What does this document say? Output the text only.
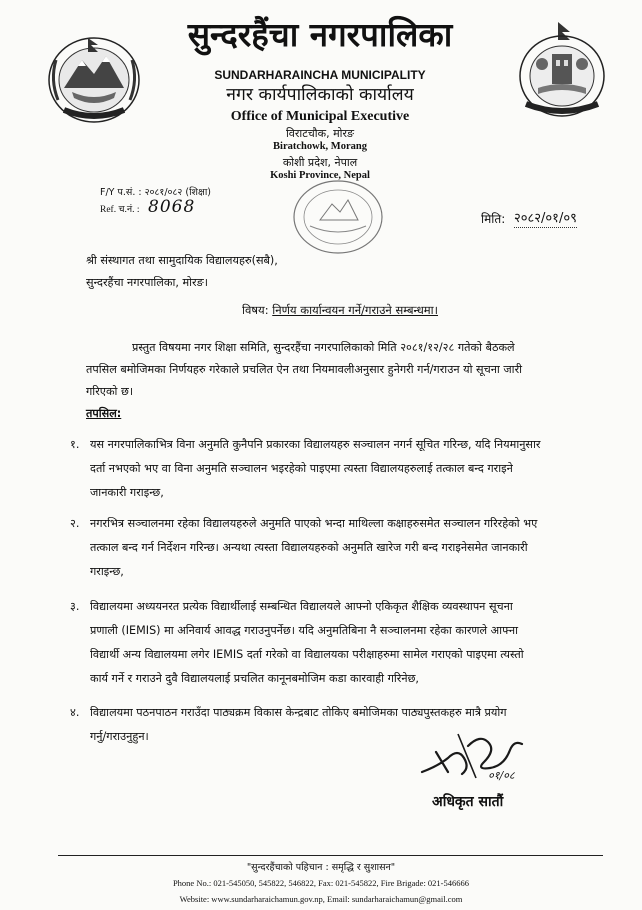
सुन्दरहैंचा नगरपालिका
SUNDARHARAINCHA MUNICIPALITY
नगर कार्यपालिकाको कार्यालय
Office of Municipal Executive
विराटचौक, मोरङ
Biratchowk, Morang
कोशी प्रदेश, नेपाल
Koshi Province, Nepal
F/Y प.सं. : २०८१/०८२ (शिक्षा)
Ref. च.नं. : 8068
मिति: २०८२/०१/०९
श्री संस्थागत तथा सामुदायिक विद्यालयहरु(सबै),
सुन्दरहैंचा नगरपालिका, मोरङ।
विषय: निर्णय कार्यान्वयन गर्ने/गराउने सम्बन्धमा।
प्रस्तुत विषयमा नगर शिक्षा समिति, सुन्दरहैंचा नगरपालिकाको मिति २०८१/१२/२८ गतेको बैठकले
तपसिल बमोजिमका निर्णयहरु गरेकाले प्रचलित ऐन तथा नियमावलीअनुसार हुनेगरी गर्न/गराउन यो सूचना जारी
गरिएको छ।
तपसिल:
१. यस नगरपालिकाभित्र विना अनुमति कुनैपनि प्रकारका विद्यालयहरु सञ्चालन नगर्न सूचित गरिन्छ, यदि नियमानुसार
दर्ता नभएको भए वा विना अनुमति सञ्चालन भइरहेको पाइएमा त्यस्ता विद्यालयहरुलाई तत्काल बन्द गराइने
जानकारी गराइन्छ,
२. नगरभित्र सञ्चालनमा रहेका विद्यालयहरुले अनुमति पाएको भन्दा माथिल्ला कक्षाहरुसमेत सञ्चालन गरिरहेको भए
तत्काल बन्द गर्न निर्देशन गरिन्छ। अन्यथा त्यस्ता विद्यालयहरुको अनुमति खारेज गरी बन्द गराइनेसमेत जानकारी
गराइन्छ,
३. विद्यालयमा अध्ययनरत प्रत्येक विद्यार्थीलाई सम्बन्धित विद्यालयले आफ्नो एकिकृत शैक्षिक व्यवस्थापन सूचना
प्रणाली (IEMIS) मा अनिवार्य आवद्ध गराउनुपर्नेछ। यदि अनुमतिबिना नै सञ्चालनमा रहेका कारणले आफ्ना
विद्यार्थी अन्य विद्यालयमा लगेर IEMIS दर्ता गरेको वा विद्यालयका परीक्षाहरुमा सामेल गराएको पाइएमा त्यस्तो
कार्य गर्ने र गराउने दुवै विद्यालयलाई प्रचलित कानूनबमोजिम कडा कारवाही गरिनेछ,
४. विद्यालयमा पठनपाठन गराउँदा पाठ्यक्रम विकास केन्द्रबाट तोकिए बमोजिमका पाठ्यपुस्तकहरु मात्रै प्रयोग
गर्नु/गराउनुहुन।
०१/०८
अधिकृत सातौं
"सुन्दरहैंचाको पहिचान : समृद्धि र सुशासन"
Phone No.: 021-545050, 545822, 546822, Fax: 021-545822, Fire Brigade: 021-546666
Website: www.sundarharaichamun.gov.np, Email: sundarharaichamun@gmail.com
